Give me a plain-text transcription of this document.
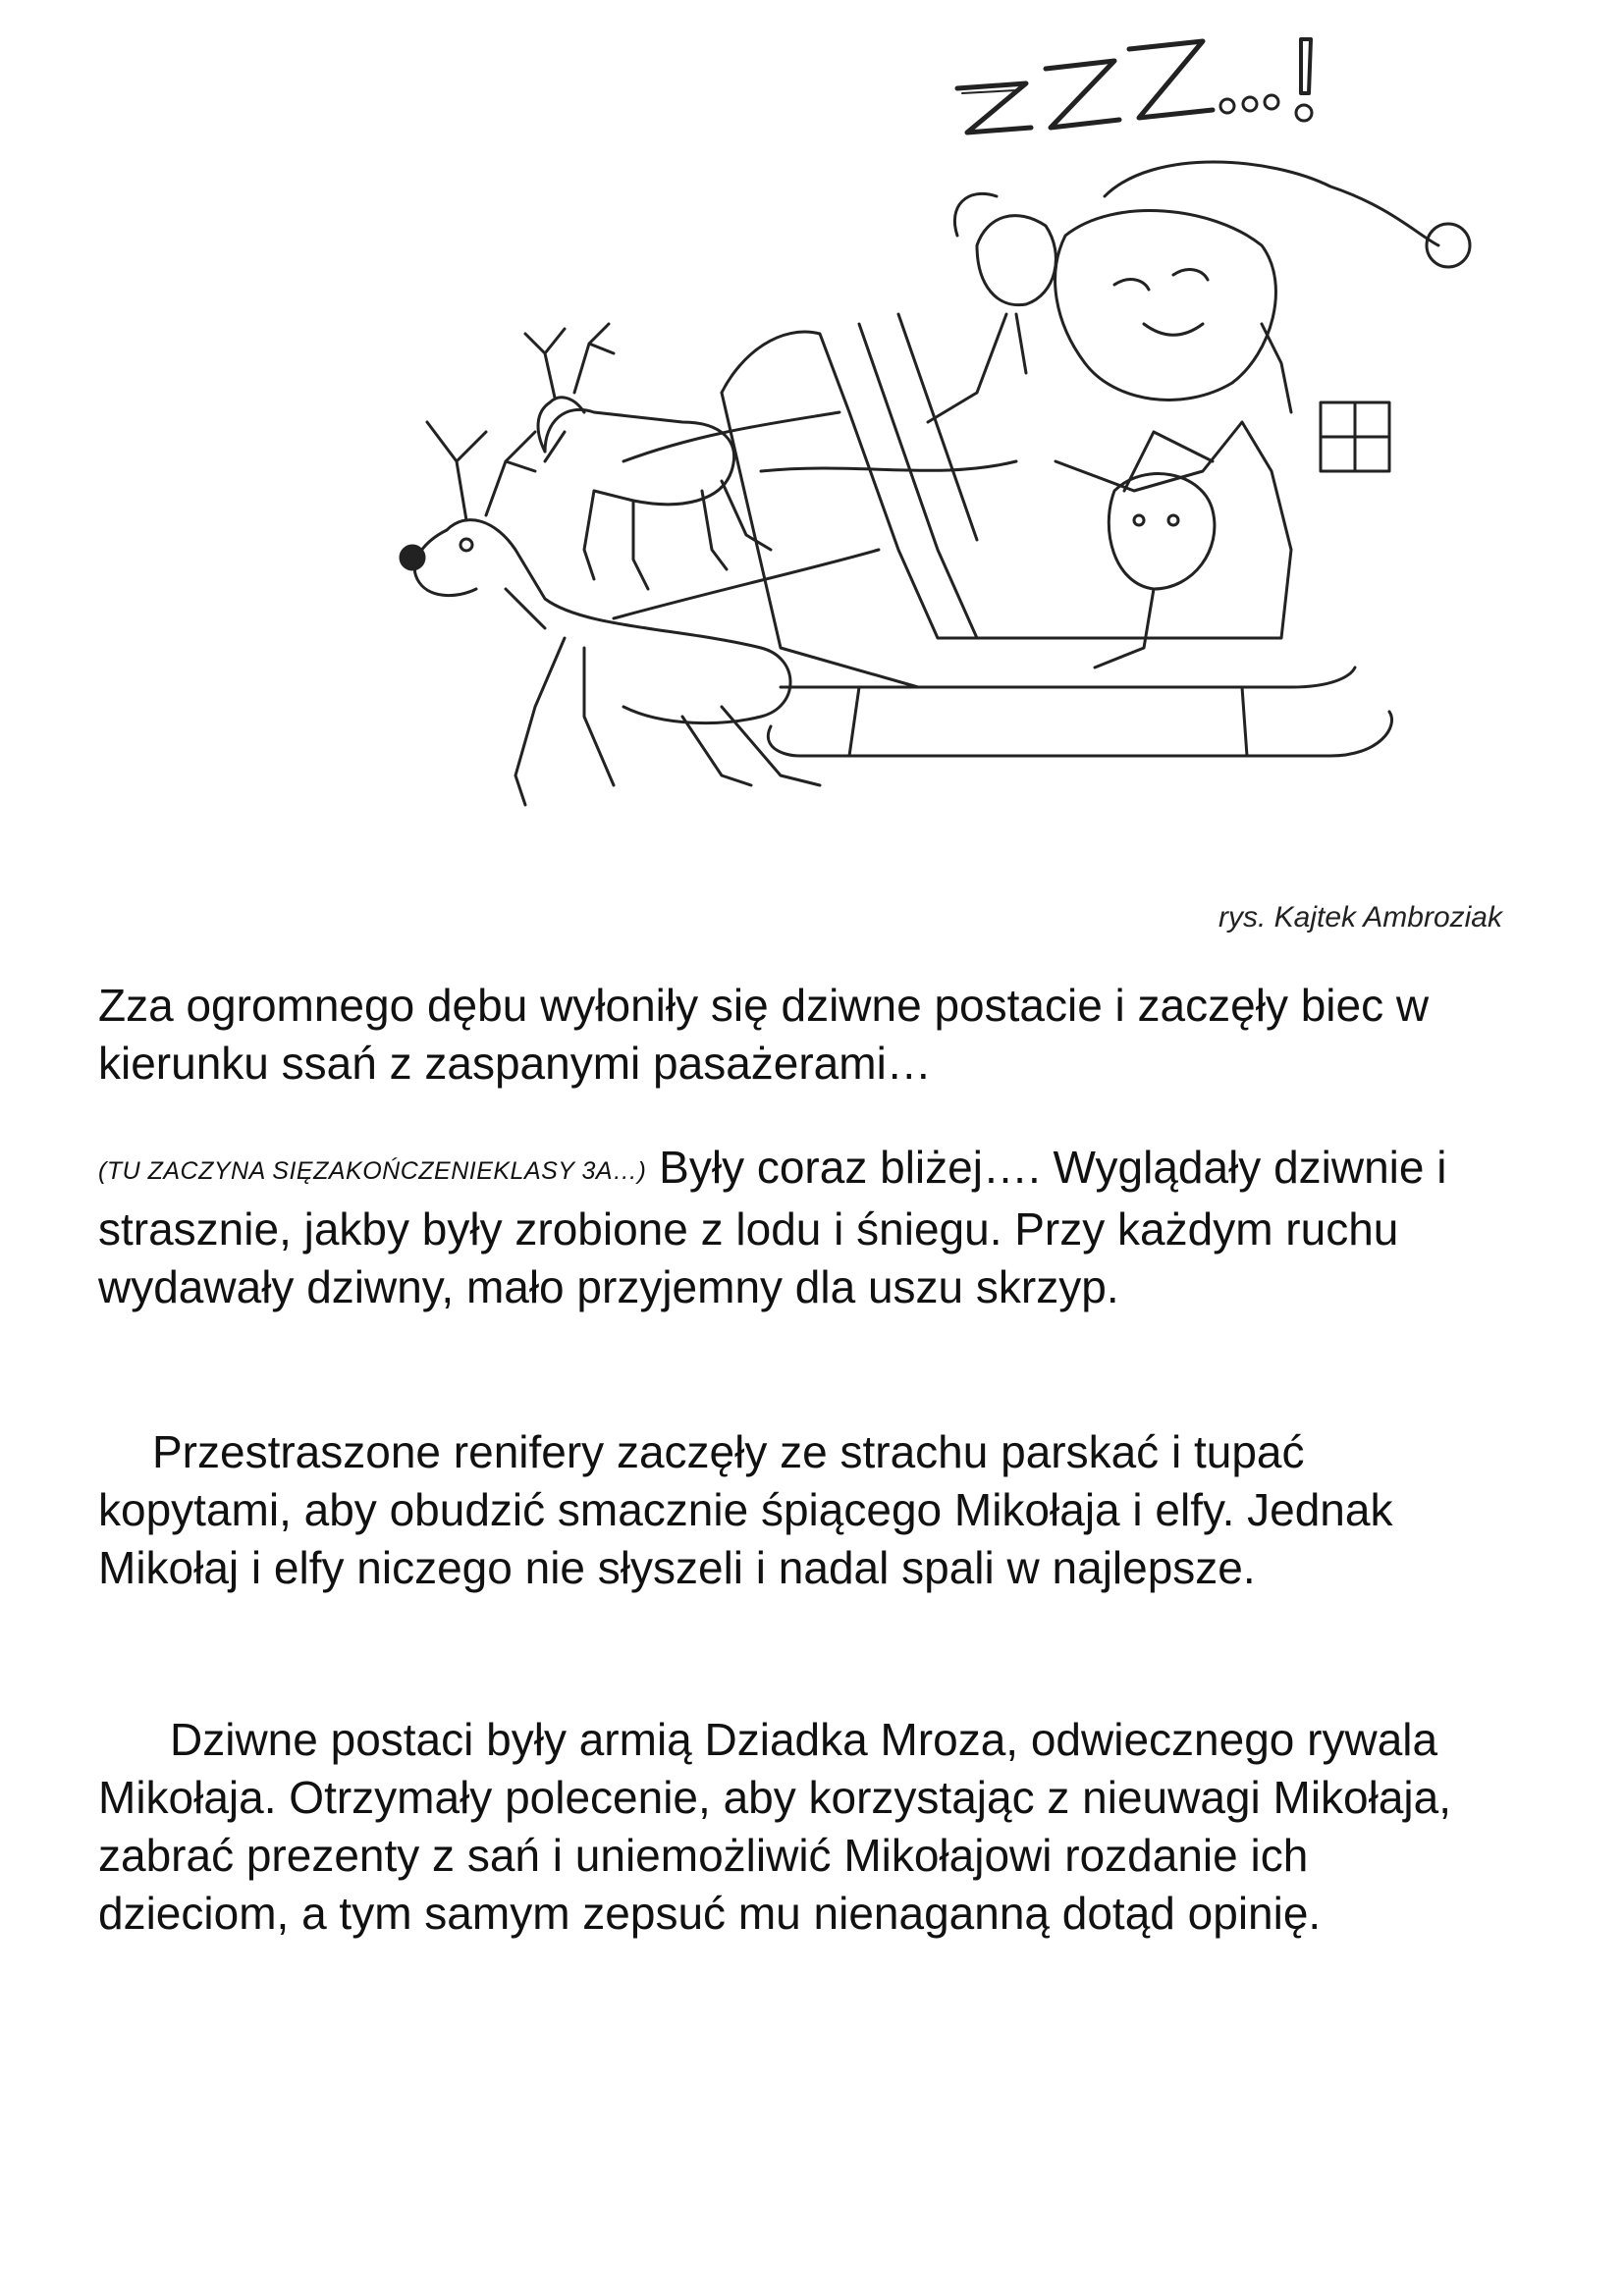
rys. Kajtek Ambroziak

Zza ogromnego dębu wyłoniły się dziwne postacie i zaczęły biec w kierunku ssań z zaspanymi pasażerami…

(TU ZACZYNA SIĘZAKOŃCZENIEKLASY 3A…) Były coraz bliżej…. Wyglądały dziwnie i strasznie, jakby były zrobione z lodu i śniegu. Przy każdym ruchu wydawały dziwny, mało przyjemny dla uszu skrzyp.

Przestraszone renifery zaczęły ze strachu parskać i tupać kopytami, aby obudzić smacznie śpiącego Mikołaja i elfy. Jednak Mikołaj i elfy niczego nie słyszeli i nadal spali w najlepsze.

Dziwne postaci były armią Dziadka Mroza, odwiecznego rywala Mikołaja. Otrzymały polecenie, aby korzystając z nieuwagi Mikołaja, zabrać prezenty z sań i uniemożliwić Mikołajowi rozdanie ich dzieciom, a tym samym zepsuć mu nienaganną dotąd opinię.
